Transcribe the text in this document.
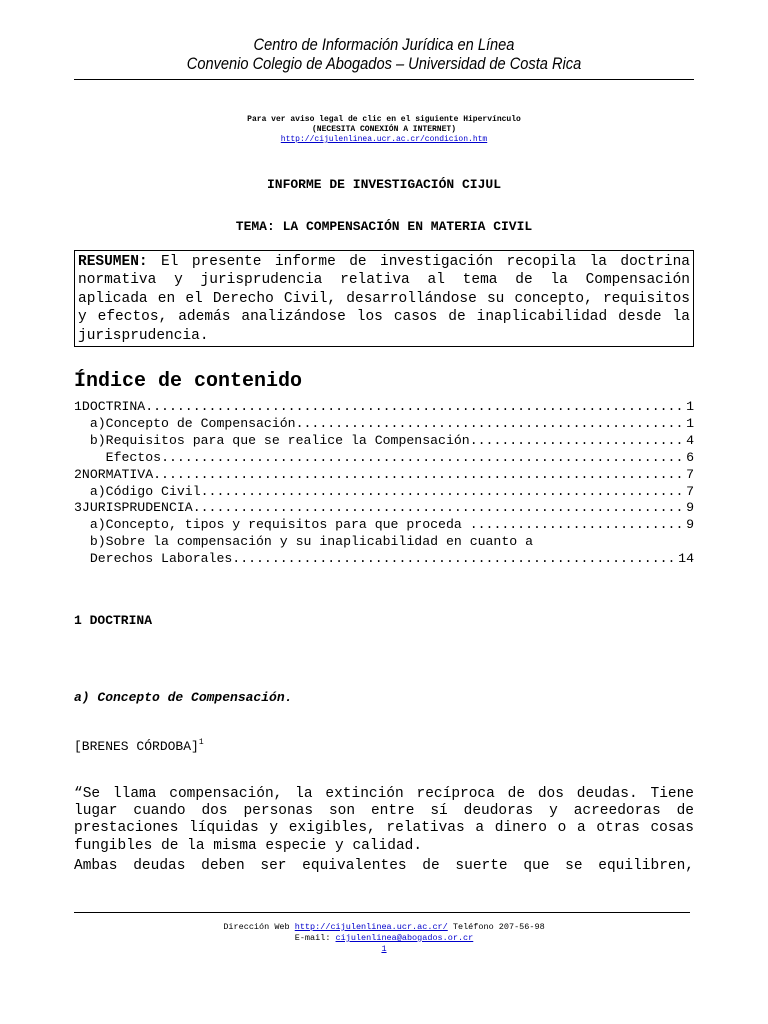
Centro de Información Jurídica en Línea
Convenio Colegio de Abogados – Universidad de Costa Rica
Para ver aviso legal de clic en el siguiente Hipervínculo
(NECESITA CONEXIÓN A INTERNET)
http://cijulenlinea.ucr.ac.cr/condicion.htm
INFORME DE INVESTIGACIÓN CIJUL
TEMA: LA COMPENSACIÓN EN MATERIA CIVIL
RESUMEN: El presente informe de investigación recopila la doctrina normativa y jurisprudencia relativa al tema de la Compensación aplicada en el Derecho Civil, desarrollándose su concepto, requisitos y efectos, además analizándose los casos de inaplicabilidad desde la jurisprudencia.
Índice de contenido
1DOCTRINA .....	1
a)Concepto de Compensación .....	1
b)Requisitos para que se realice la Compensación .....	4
Efectos .....	6
2NORMATIVA .....	7
a)Código Civil .....	7
3JURISPRUDENCIA .....	9
a)Concepto, tipos y requisitos para que proceda .....	9
b)Sobre la compensación y su inaplicabilidad en cuanto a
Derechos Laborales .....	14
1 DOCTRINA
a) Concepto de Compensación.
[BRENES CÓRDOBA]$^1$
“Se llama compensación, la extinción recíproca de dos deudas. Tiene lugar cuando dos personas son entre sí deudoras y acreedoras de prestaciones líquidas y exigibles, relativas a dinero o a otras cosas fungibles de la misma especie y calidad.
Ambas deudas deben ser equivalentes de suerte que se equilibren,
Dirección Web http://cijulenlinea.ucr.ac.cr/ Teléfono 207-56-98
E-mail: cijulenlinea@abogados.or.cr
1
